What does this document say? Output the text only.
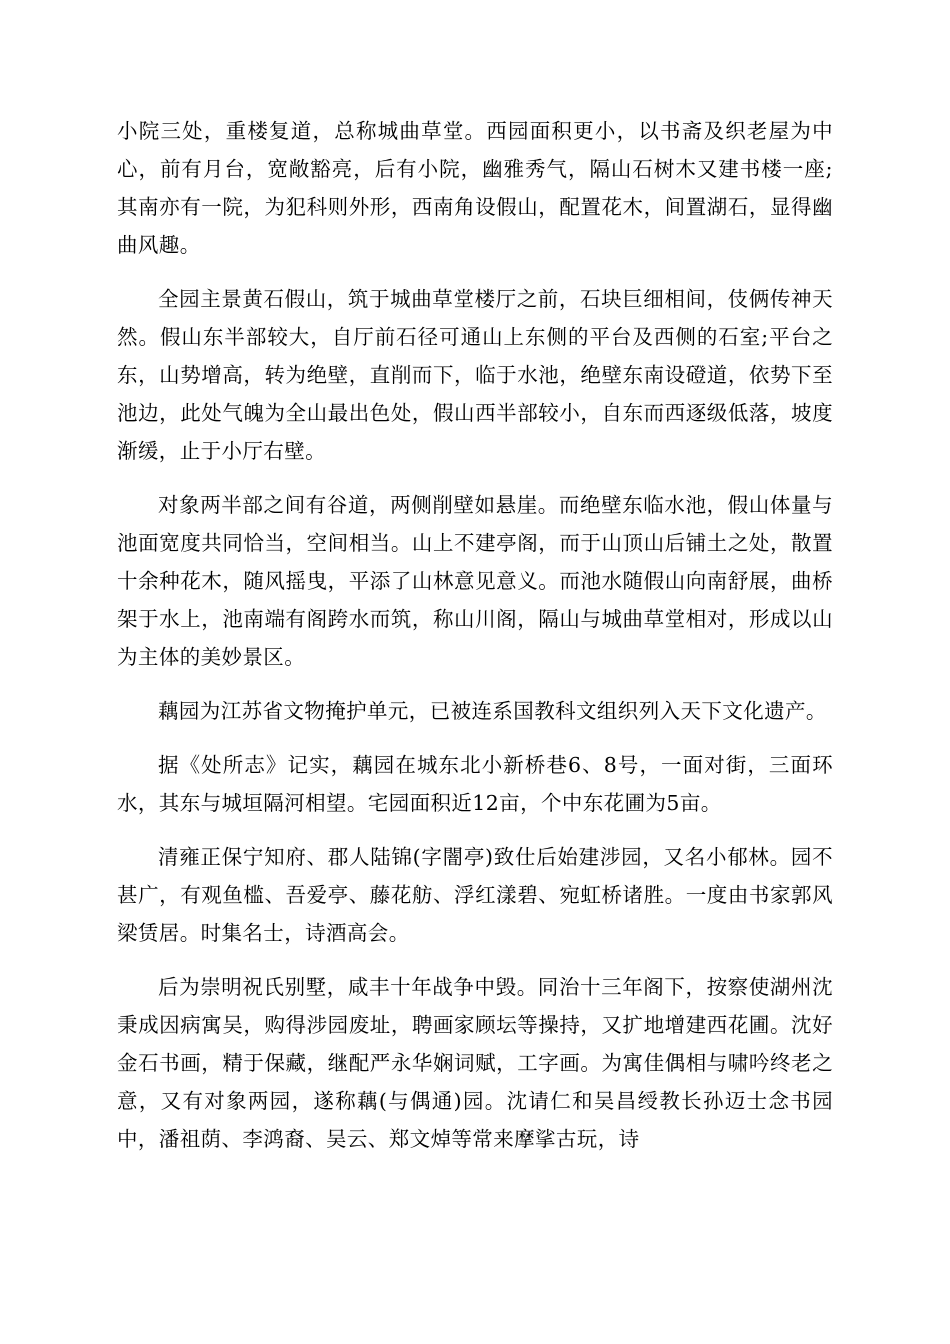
小院三处，重楼复道，总称城曲草堂。西园面积更小，以书斋及织老屋为中心，前有月台，宽敞豁亮，后有小院，幽雅秀气，隔山石树木又建书楼一座;其南亦有一院，为犯科则外形，西南角设假山，配置花木，间置湖石，显得幽曲风趣。

全园主景黄石假山，筑于城曲草堂楼厅之前，石块巨细相间，伎俩传神天然。假山东半部较大，自厅前石径可通山上东侧的平台及西侧的石室;平台之东，山势增高，转为绝壁，直削而下，临于水池，绝壁东南设磴道，依势下至池边，此处气魄为全山最出色处，假山西半部较小，自东而西逐级低落，坡度渐缓，止于小厅右壁。

对象两半部之间有谷道，两侧削壁如悬崖。而绝壁东临水池，假山体量与池面宽度共同恰当，空间相当。山上不建亭阁，而于山顶山后铺土之处，散置十余种花木，随风摇曳，平添了山林意见意义。而池水随假山向南舒展，曲桥架于水上，池南端有阁跨水而筑，称山川阁，隔山与城曲草堂相对，形成以山为主体的美妙景区。

藕园为江苏省文物掩护单元，已被连系国教科文组织列入天下文化遗产。

据《处所志》记实，藕园在城东北小新桥巷6、8号，一面对街，三面环水，其东与城垣隔河相望。宅园面积近12亩，个中东花圃为5亩。

清雍正保宁知府、郡人陆锦(字闇亭)致仕后始建涉园，又名小郁林。园不甚广，有观鱼槛、吾爱亭、藤花舫、浮红漾碧、宛虹桥诸胜。一度由书家郭风梁赁居。时集名士，诗酒高会。

后为崇明祝氏别墅，咸丰十年战争中毁。同治十三年阁下，按察使湖州沈秉成因病寓吴，购得涉园废址，聘画家顾坛等操持，又扩地增建西花圃。沈好金石书画，精于保藏，继配严永华娴词赋，工字画。为寓佳偶相与啸吟终老之意，又有对象两园，遂称藕(与偶通)园。沈请仁和吴昌绶教长孙迈士念书园中，潘祖荫、李鸿裔、吴云、郑文焯等常来摩挲古玩，诗
